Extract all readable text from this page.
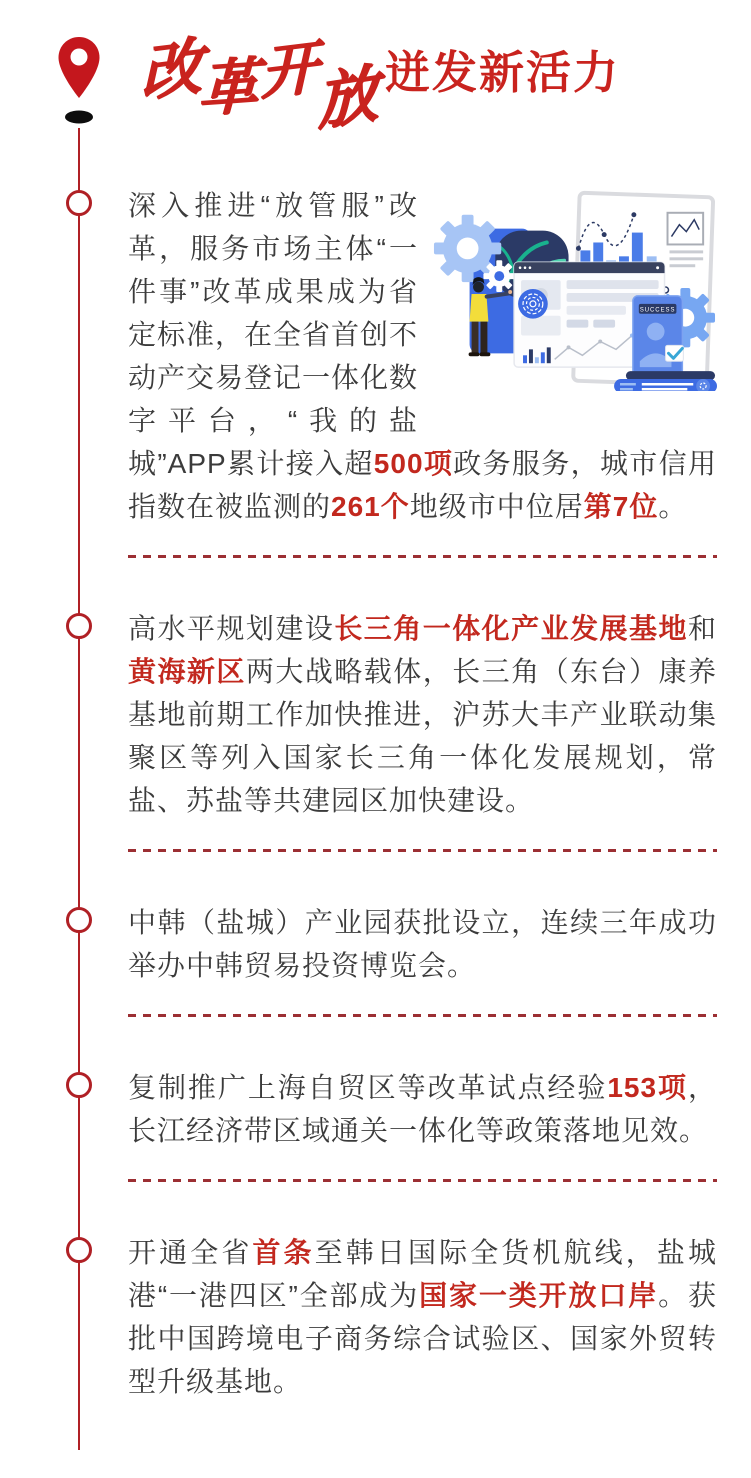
改
革 开
放 迸发新活力

SUCCESS
深入推进“放管服”改革，服务市场主体“一件事”改革成果成为省定标准，在全省首创不动产交易登记一体化数字平台，“我的盐城”APP累计接入超500项政务服务，城市信用指数在被监测的261个地级市中位居第7位。

高水平规划建设长三角一体化产业发展基地和黄海新区两大战略载体，长三角（东台）康养基地前期工作加快推进，沪苏大丰产业联动集聚区等列入国家长三角一体化发展规划，常盐、苏盐等共建园区加快建设。

中韩（盐城）产业园获批设立，连续三年成功举办中韩贸易投资博览会。

复制推广上海自贸区等改革试点经验153项，长江经济带区域通关一体化等政策落地见效。

开通全省首条至韩日国际全货机航线，盐城港“一港四区”全部成为国家一类开放口岸。获批中国跨境电子商务综合试验区、国家外贸转型升级基地。
